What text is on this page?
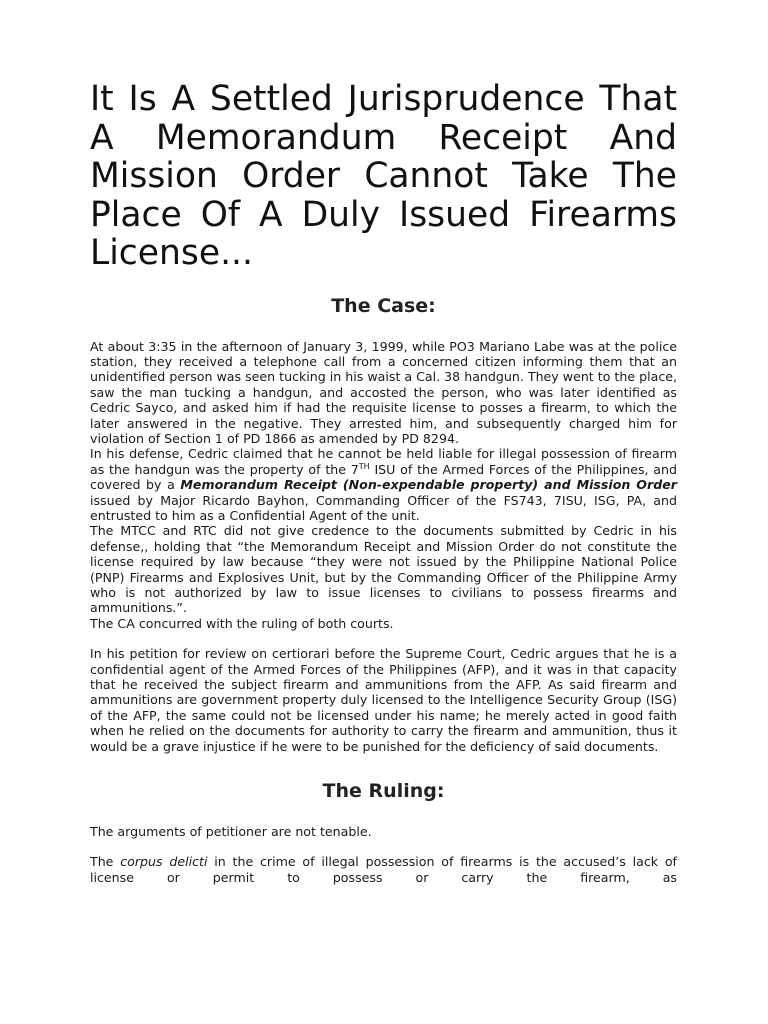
It Is A Settled Jurisprudence That A Memorandum Receipt And Mission Order Cannot Take The Place Of A Duly Issued Firearms License...
The Case:

At about 3:35 in the afternoon of January 3, 1999, while PO3 Mariano Labe was at the police station, they received a telephone call from a concerned citizen informing them that an unidentified person was seen tucking in his waist a Cal. 38 handgun. They went to the place, saw the man tucking a handgun, and accosted the person, who was later identified as Cedric Sayco, and asked him if had the requisite license to posses a firearm, to which the later answered in the negative. They arrested him, and subsequently charged him for violation of Section 1 of PD 1866 as amended by PD 8294.

In his defense, Cedric claimed that he cannot be held liable for illegal possession of firearm as the handgun was the property of the 7TH ISU of the Armed Forces of the Philippines, and covered by a Memorandum Receipt (Non-expendable property) and Mission Order issued by Major Ricardo Bayhon, Commanding Officer of the FS743, 7ISU, ISG, PA, and entrusted to him as a Confidential Agent of the unit.

The MTCC and RTC did not give credence to the documents submitted by Cedric in his defense,, holding that “the Memorandum Receipt and Mission Order do not constitute the license required by law because “they were not issued by the Philippine National Police (PNP) Firearms and Explosives Unit, but by the Commanding Officer of the Philippine Army who is not authorized by law to issue licenses to civilians to possess firearms and ammunitions.”.

The CA concurred with the ruling of both courts.

In his petition for review on certiorari before the Supreme Court, Cedric argues that he is a confidential agent of the Armed Forces of the Philippines (AFP), and it was in that capacity that he received the subject firearm and ammunitions from the AFP. As said firearm and ammunitions are government property duly licensed to the Intelligence Security Group (ISG) of the AFP, the same could not be licensed under his name; he merely acted in good faith when he relied on the documents for authority to carry the firearm and ammunition, thus it would be a grave injustice if he were to be punished for the deficiency of said documents.

The Ruling:

The arguments of petitioner are not tenable.

The corpus delicti in the crime of illegal possession of firearms is the accused’s lack of license or permit to possess or carry the firearm, as
